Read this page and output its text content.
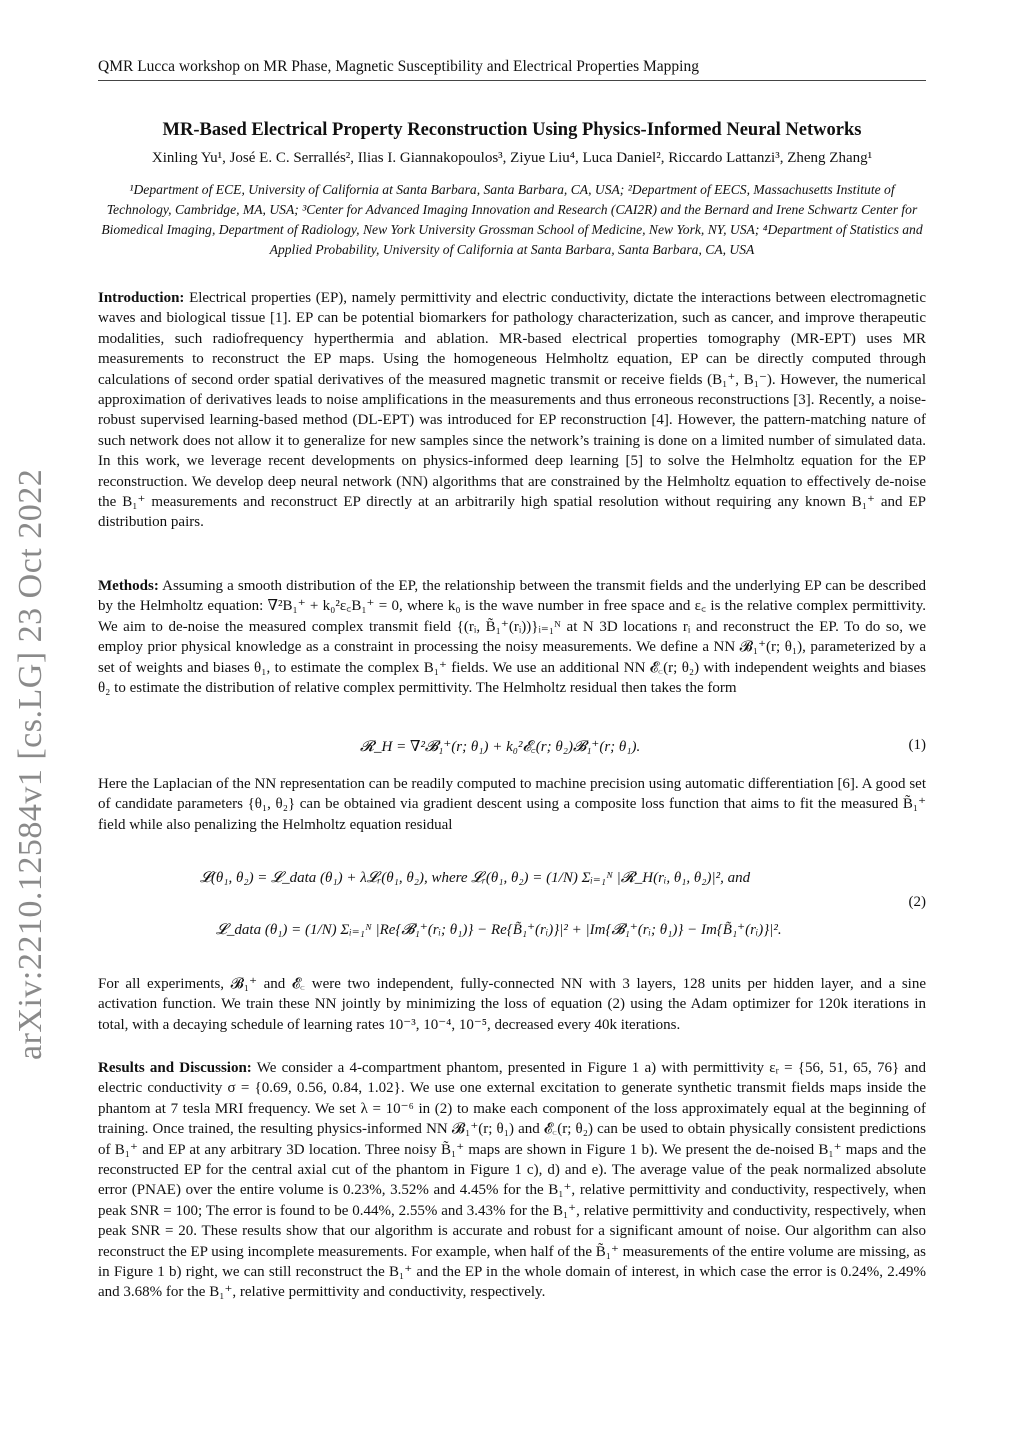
QMR Lucca workshop on MR Phase, Magnetic Susceptibility and Electrical Properties Mapping
arXiv:2210.12584v1 [cs.LG] 23 Oct 2022
MR-Based Electrical Property Reconstruction Using Physics-Informed Neural Networks
Xinling Yu¹, José E. C. Serrallés², Ilias I. Giannakopoulos³, Ziyue Liu⁴, Luca Daniel², Riccardo Lattanzi³, Zheng Zhang¹
¹Department of ECE, University of California at Santa Barbara, Santa Barbara, CA, USA; ²Department of EECS, Massachusetts Institute of Technology, Cambridge, MA, USA; ³Center for Advanced Imaging Innovation and Research (CAI2R) and the Bernard and Irene Schwartz Center for Biomedical Imaging, Department of Radiology, New York University Grossman School of Medicine, New York, NY, USA; ⁴Department of Statistics and Applied Probability, University of California at Santa Barbara, Santa Barbara, CA, USA
Introduction: Electrical properties (EP), namely permittivity and electric conductivity, dictate the interactions between electromagnetic waves and biological tissue [1]. EP can be potential biomarkers for pathology characterization, such as cancer, and improve therapeutic modalities, such radiofrequency hyperthermia and ablation. MR-based electrical properties tomography (MR-EPT) uses MR measurements to reconstruct the EP maps. Using the homogeneous Helmholtz equation, EP can be directly computed through calculations of second order spatial derivatives of the measured magnetic transmit or receive fields (B₁⁺, B₁⁻). However, the numerical approximation of derivatives leads to noise amplifications in the measurements and thus erroneous reconstructions [3]. Recently, a noise-robust supervised learning-based method (DL-EPT) was introduced for EP reconstruction [4]. However, the pattern-matching nature of such network does not allow it to generalize for new samples since the network’s training is done on a limited number of simulated data. In this work, we leverage recent developments on physics-informed deep learning [5] to solve the Helmholtz equation for the EP reconstruction. We develop deep neural network (NN) algorithms that are constrained by the Helmholtz equation to effectively de-noise the B₁⁺ measurements and reconstruct EP directly at an arbitrarily high spatial resolution without requiring any known B₁⁺ and EP distribution pairs.
Methods: Assuming a smooth distribution of the EP, the relationship between the transmit fields and the underlying EP can be described by the Helmholtz equation: ∇²B₁⁺ + k₀²ε꜀B₁⁺ = 0, where k₀ is the wave number in free space and ε꜀ is the relative complex permittivity. We aim to de-noise the measured complex transmit field {(rᵢ, B̃₁⁺(rᵢ))}ᵢ₌₁ᴺ at N 3D locations rᵢ and reconstruct the EP. To do so, we employ prior physical knowledge as a constraint in processing the noisy measurements. We define a NN 𝓑₁⁺(r; θ₁), parameterized by a set of weights and biases θ₁, to estimate the complex B₁⁺ fields. We use an additional NN 𝓔꜀(r; θ₂) with independent weights and biases θ₂ to estimate the distribution of relative complex permittivity. The Helmholtz residual then takes the form
𝓡_H = ∇²𝓑₁⁺(r; θ₁) + k₀²𝓔꜀(r; θ₂)𝓑₁⁺(r; θ₁).	(1)
Here the Laplacian of the NN representation can be readily computed to machine precision using automatic differentiation [6]. A good set of candidate parameters {θ₁, θ₂} can be obtained via gradient descent using a composite loss function that aims to fit the measured B̃₁⁺ field while also penalizing the Helmholtz equation residual
𝓛(θ₁, θ₂) = 𝓛_data (θ₁) + λ𝓛ᵣ(θ₁, θ₂), where 𝓛ᵣ(θ₁, θ₂) = (1/N) Σᵢ₌₁ᴺ |𝓡_H(rᵢ, θ₁, θ₂)|², and
𝓛_data (θ₁) = (1/N) Σᵢ₌₁ᴺ |Re{𝓑₁⁺(rᵢ; θ₁)} − Re{B̃₁⁺(rᵢ)}|² + |Im{𝓑₁⁺(rᵢ; θ₁)} − Im{B̃₁⁺(rᵢ)}|².
(2)
For all experiments, 𝓑₁⁺ and 𝓔꜀ were two independent, fully-connected NN with 3 layers, 128 units per hidden layer, and a sine activation function. We train these NN jointly by minimizing the loss of equation (2) using the Adam optimizer for 120k iterations in total, with a decaying schedule of learning rates 10⁻³, 10⁻⁴, 10⁻⁵, decreased every 40k iterations.
Results and Discussion: We consider a 4-compartment phantom, presented in Figure 1 a) with permittivity εᵣ = {56, 51, 65, 76} and electric conductivity σ = {0.69, 0.56, 0.84, 1.02}. We use one external excitation to generate synthetic transmit fields maps inside the phantom at 7 tesla MRI frequency. We set λ = 10⁻⁶ in (2) to make each component of the loss approximately equal at the beginning of training. Once trained, the resulting physics-informed NN 𝓑₁⁺(r; θ₁) and 𝓔꜀(r; θ₂) can be used to obtain physically consistent predictions of B₁⁺ and EP at any arbitrary 3D location. Three noisy B̃₁⁺ maps are shown in Figure 1 b). We present the de-noised B₁⁺ maps and the reconstructed EP for the central axial cut of the phantom in Figure 1 c), d) and e). The average value of the peak normalized absolute error (PNAE) over the entire volume is 0.23%, 3.52% and 4.45% for the B₁⁺, relative permittivity and conductivity, respectively, when peak SNR = 100; The error is found to be 0.44%, 2.55% and 3.43% for the B₁⁺, relative permittivity and conductivity, respectively, when peak SNR = 20. These results show that our algorithm is accurate and robust for a significant amount of noise. Our algorithm can also reconstruct the EP using incomplete measurements. For example, when half of the B̃₁⁺ measurements of the entire volume are missing, as in Figure 1 b) right, we can still reconstruct the B₁⁺ and the EP in the whole domain of interest, in which case the error is 0.24%, 2.49% and 3.68% for the B₁⁺, relative permittivity and conductivity, respectively.
